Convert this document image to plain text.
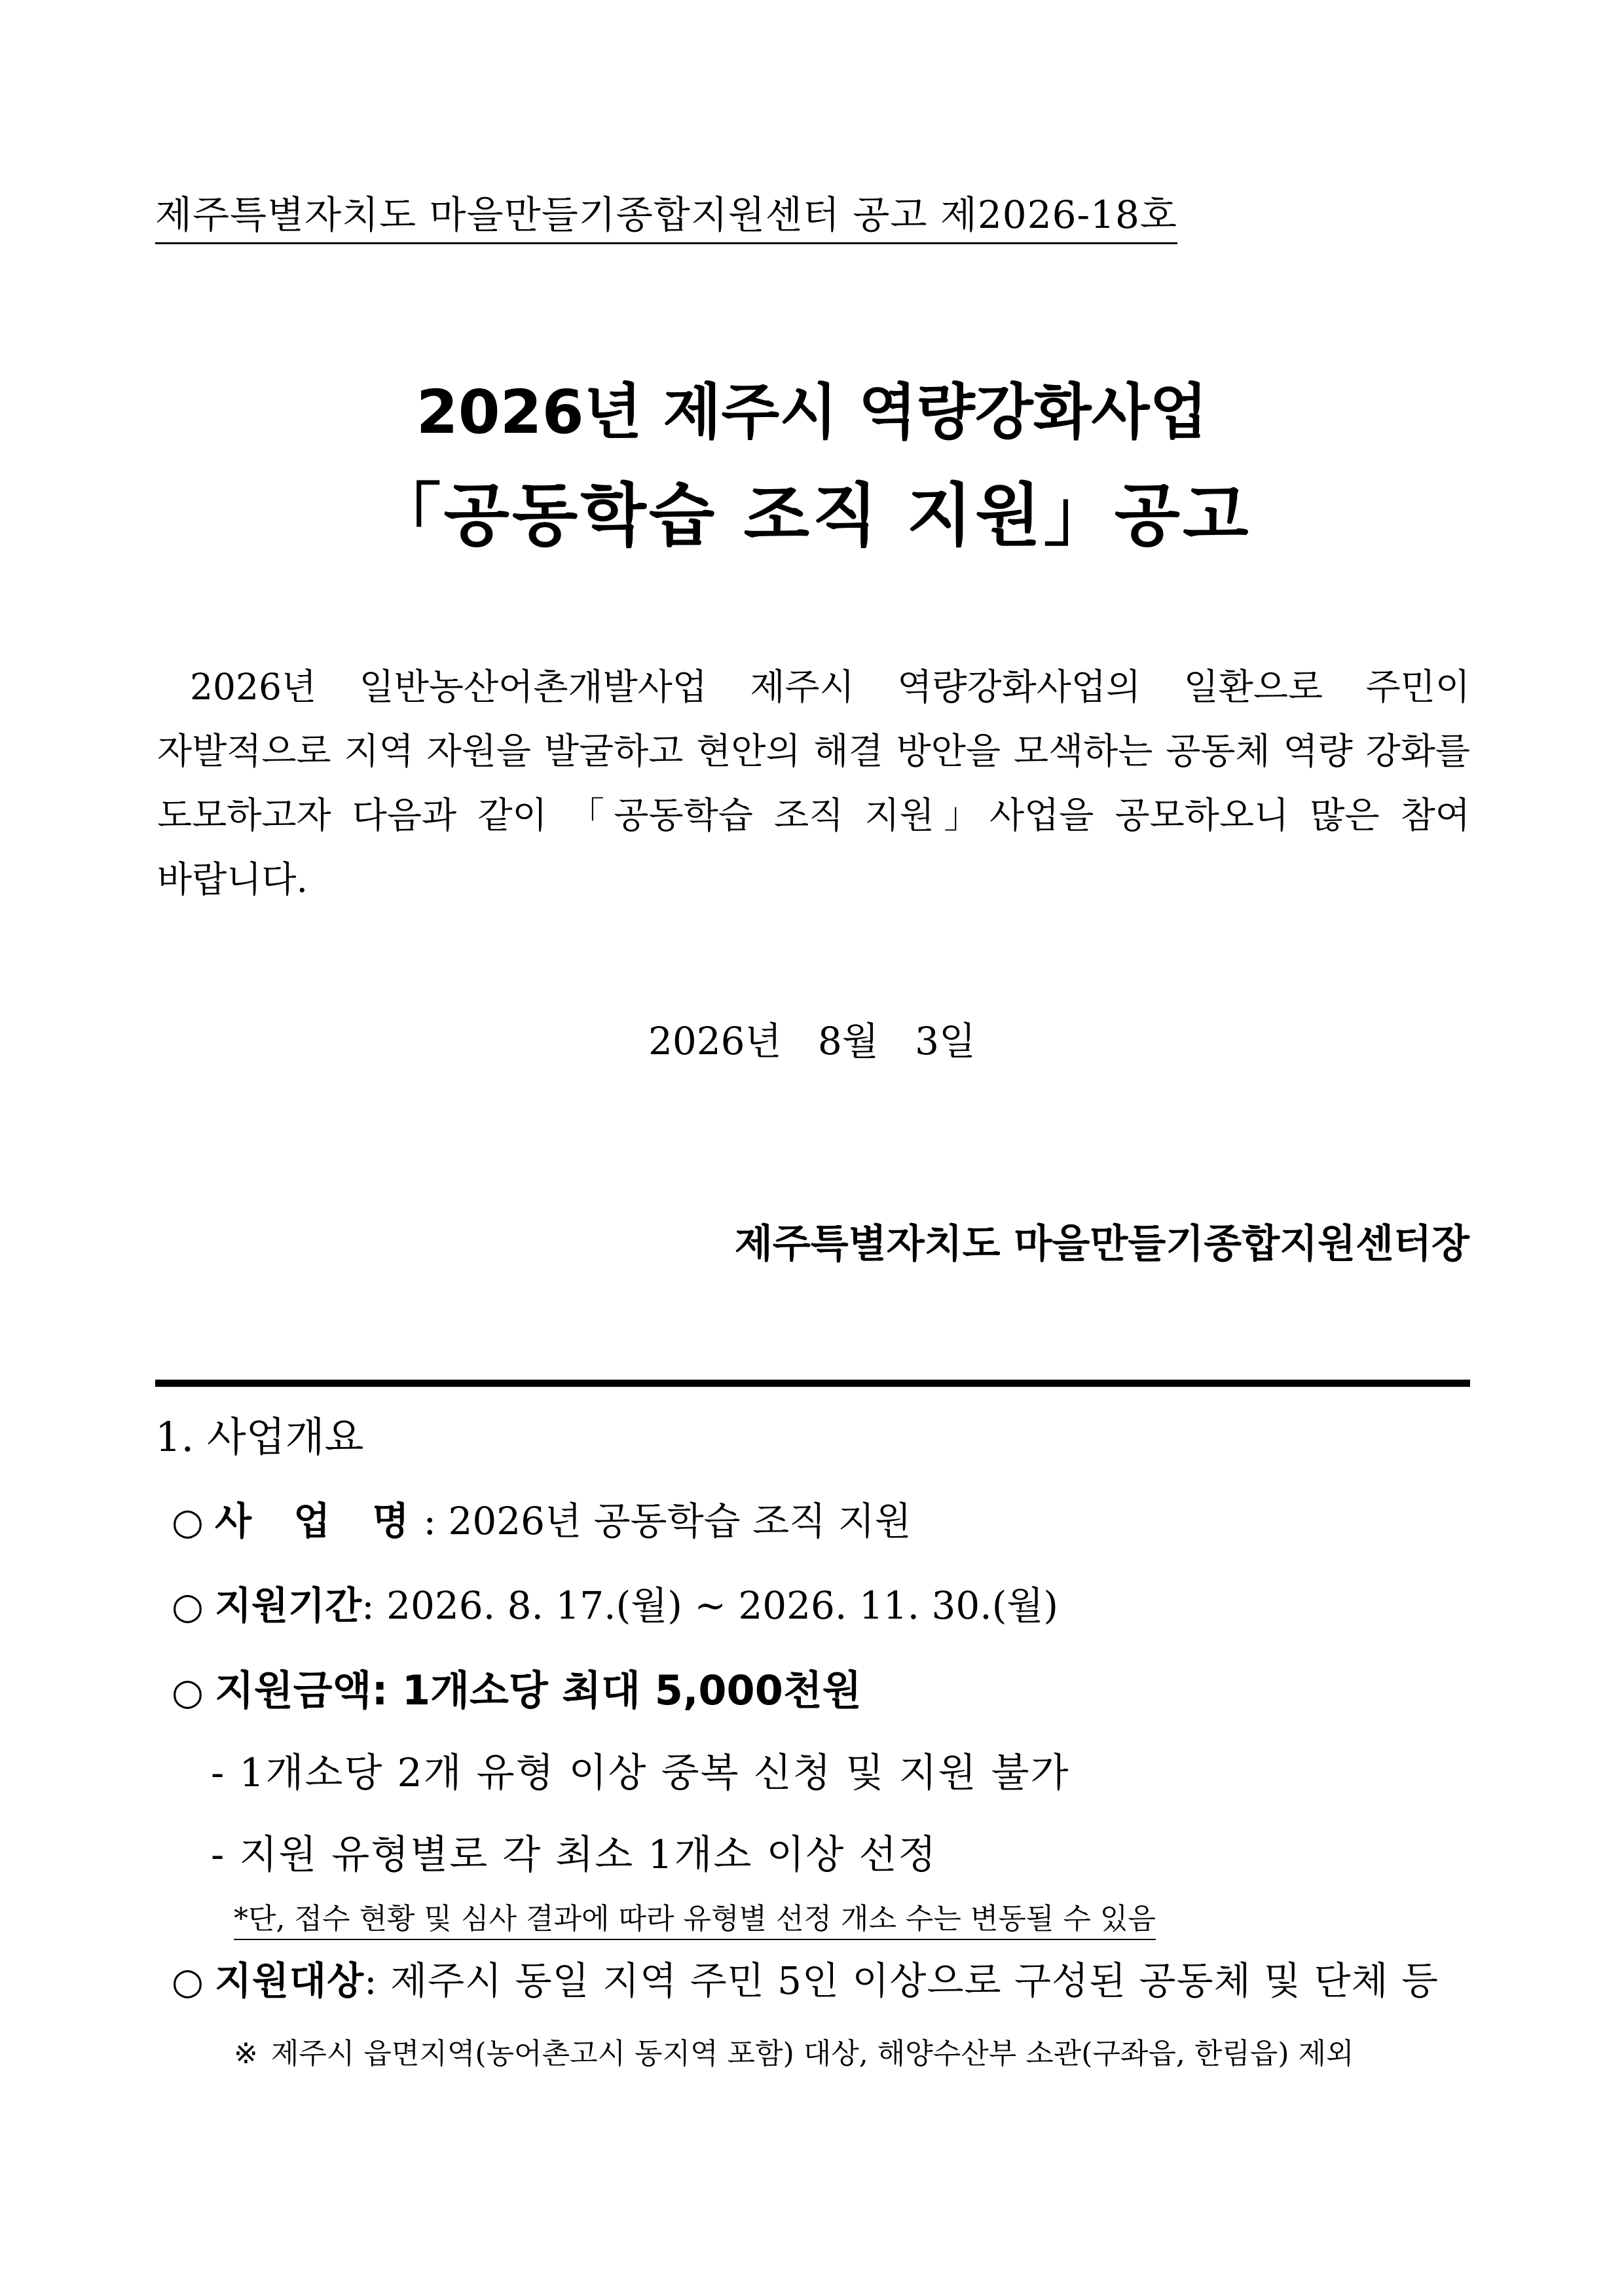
제주특별자치도 마을만들기종합지원센터 공고 제2026-18호
2026년 제주시 역량강화사업
「공동학습 조직 지원」공고
2026년 일반농산어촌개발사업 제주시 역량강화사업의 일환으로 주민이 자발적으로 지역 자원을 발굴하고 현안의 해결 방안을 모색하는 공동체 역량 강화를 도모하고자 다음과 같이 「공동학습 조직 지원」사업을 공모하오니 많은 참여 바랍니다.
2026년   8월   3일
제주특별자치도 마을만들기종합지원센터장
1. 사업개요
○ 사 업 명: 2026년 공동학습 조직 지원
○ 지원기간: 2026. 8. 17.(월) ~ 2026. 11. 30.(월)
○ 지원금액: 1개소당 최대 5,000천원
- 1개소당 2개 유형 이상 중복 신청 및 지원 불가
- 지원 유형별로 각 최소 1개소 이상 선정
*단, 접수 현황 및 심사 결과에 따라 유형별 선정 개소 수는 변동될 수 있음
○ 지원대상: 제주시 동일 지역 주민 5인 이상으로 구성된 공동체 및 단체 등
※ 제주시 읍면지역(농어촌고시 동지역 포함) 대상, 해양수산부 소관(구좌읍, 한림읍) 제외
